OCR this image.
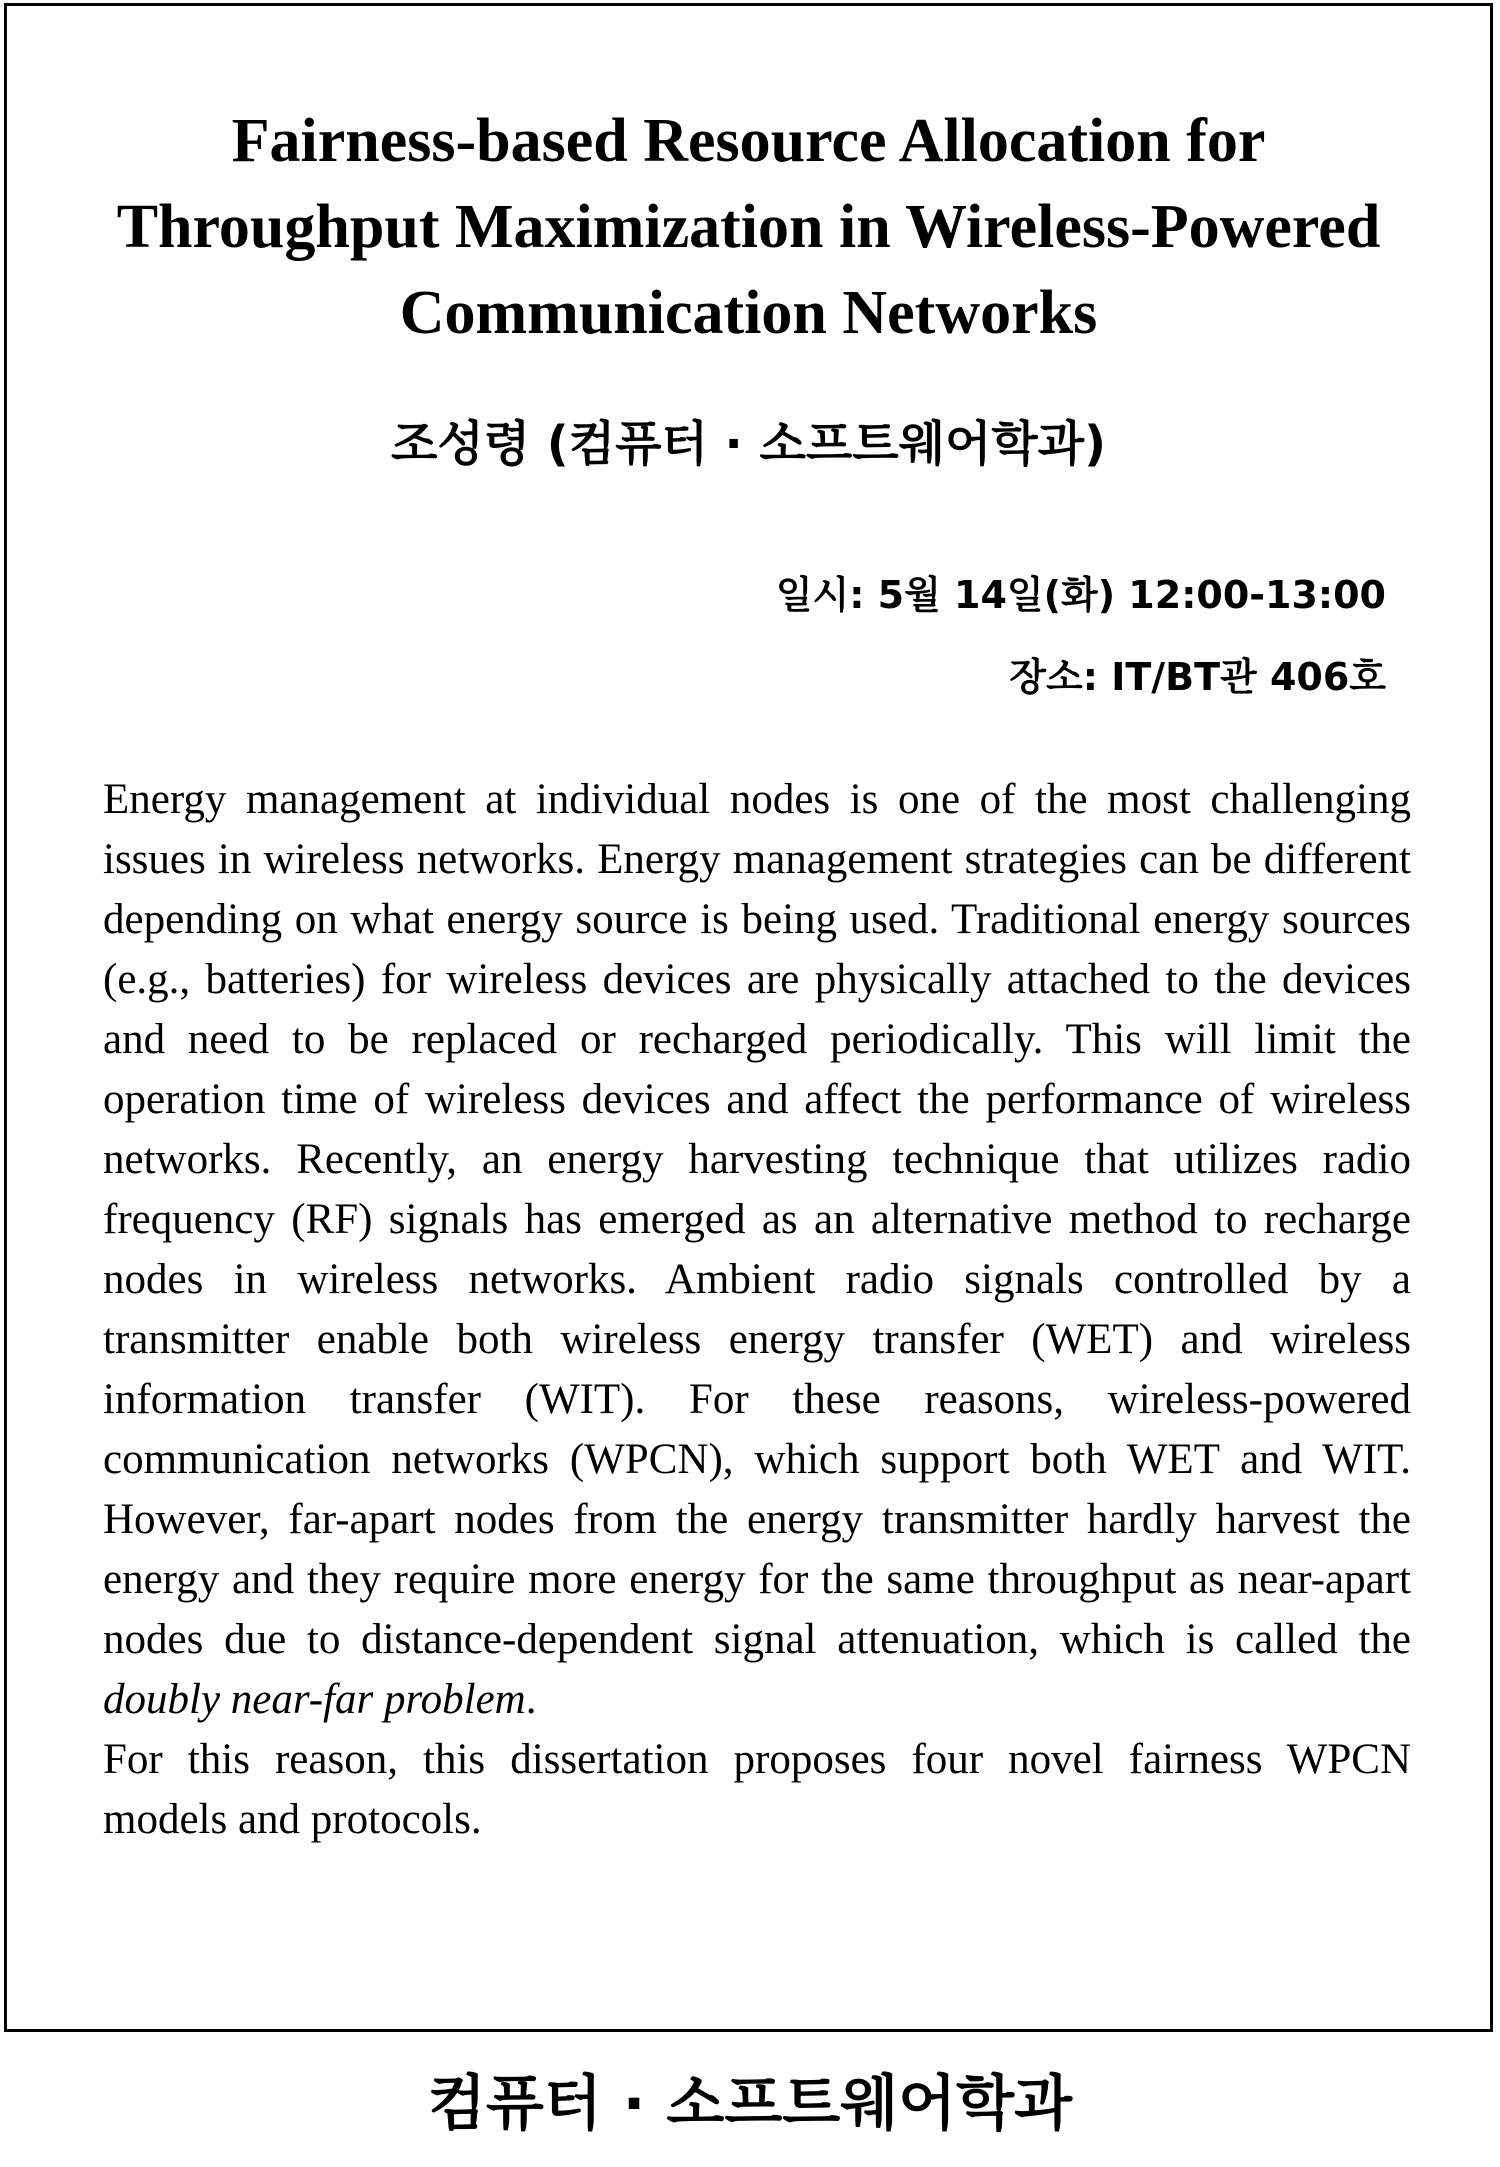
Fairness-based Resource Allocation for Throughput Maximization in Wireless-Powered Communication Networks
조성령 (컴퓨터 · 소프트웨어학과)
일시:
5월 14일(화) 12:00-13:00
장소:
IT/BT관 406호

Energy management at individual nodes is one of the most challenging issues in wireless networks. Energy management strategies can be different depending on what energy source is being used. Traditional energy sources (e.g., batteries) for wireless devices are physically attached to the devices and need to be replaced or recharged periodically. This will limit the operation time of wireless devices and affect the performance of wireless networks. Recently, an energy harvesting technique that utilizes radio frequency (RF) signals has emerged as an alternative method to recharge nodes in wireless networks. Ambient radio signals controlled by a transmitter enable both wireless energy transfer (WET) and wireless information transfer (WIT). For these reasons, wireless-powered communication networks (WPCN), which support both WET and WIT. However, far-apart nodes from the energy transmitter hardly harvest the energy and they require more energy for the same throughput as near-apart nodes due to distance-dependent signal attenuation, which is called the doubly near-far problem.

For this reason, this dissertation proposes four novel fairness WPCN models and protocols.

컴퓨터 · 소프트웨어학과
